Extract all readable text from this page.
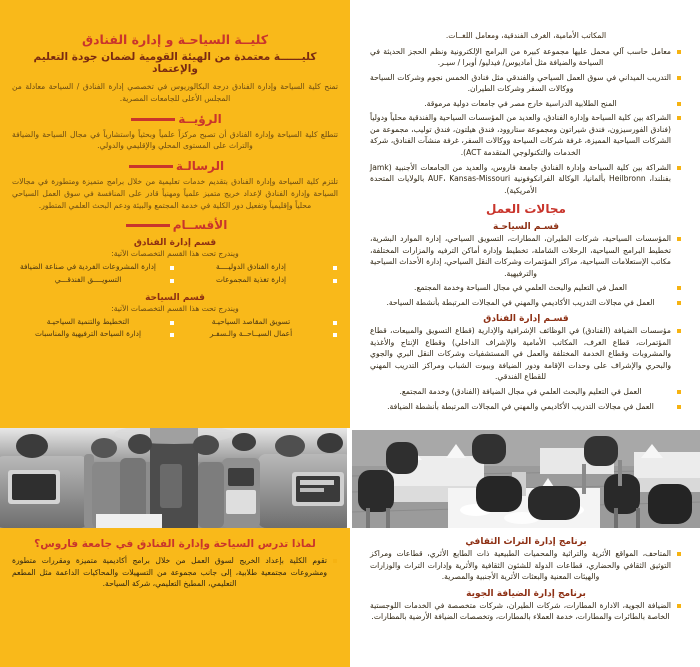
كليــة السياحـة و إدارة الفنادق
كليــــــة معتمدة من الهيئة القومية لضمان جودة التعليم والإعتماد

تمنح كلية السياحة وإدارة الفنادق درجة البكالوريوس في تخصصي إدارة الفنادق / السياحة معادلة من المجلس الأعلى للجامعات المصرية.

الرؤيــة

تتطلع كلية السياحة وإدارة الفنادق أن تصبح مركزاً علمياً وبحثياً واستشارياً في مجال السياحة والضيافة والتراث على المستوى المحلي والإقليمي والدولي.

الرسالـة

تلتزم كلية السياحة وإدارة الفنادق بتقديم خدمات تعليمية من خلال برامج متميزة ومتطورة في مجالات السياحة وإدارة الفنادق لإعداد خريج متميز علمياً ومهنياً قادر على المنافسة في سوق العمل السياحي محلياً وإقليمياً وتفعيل دور الكلية في خدمة المجتمع والبيئة ودعم البحث العلمي المتطور.

الأقســام
قسم إدارة الفنادق
ويندرج تحت هذا القسم التخصصات الآتية:
إدارة الفنادق الدوليــــة
إدارة المشروعات الفردية في صناعة الضيافة
إدارة تغذية المجموعات
التسويــــق الفندقـــي
قسم السياحة
ويندرج تحت هذا القسم التخصصات الآتية:
تسويق المقاصد السياحيـة
التخطيط والتنمية السياحيـة
أعمال السيــاحــة والـسفـر
إدارة السياحة الترفيهية والمناسبات

المكاتب الأمامية، الغرف الفندقية، ومعامل اللغــات.

معامل حاسب آلي محمل عليها مجموعة كبيرة من البرامج الإلكترونية ونظم الحجز الحديثة في السياحة والضيافة مثل أماديوس/ فيدليو/ أوبرا / سيـر.
التدريب الميداني في سوق العمل السياحي والفندقي مثل فنادق الخمس نجوم وشركات السياحة ووكالات السفر وشركات الطيران.
المنح الطلابية الدراسية خارج مصر في جامعات دولية مرموقة.
الشراكة بين كلية السياحة وإدارة الفنادق، والعديد من المؤسسات السياحية والفندقية محلياً ودولياً (فنادق الفورسيزون، فندق شيراتون ومجموعة ستاروود، فندق هيلتون، فندق توليب، مجموعة من الشركات السياحية المميزة، غرفة شركات السياحة ووكالات السفر، غرفة منشآت الفنادق، شركة الخدمات والتكنولوجي المتقدمة ACT).
الشراكة بين كلية السياحة وإدارة الفنادق جامعة فاروس، والعديد من الجامعات الأجنبية (Jamk بفنلندا، Heilbronn بألمانيا، الوكالة الفرانكوفونية AUF، Kansas-Missouri بالولايات المتحدة الأمريكية).
مجالات العمل
قسـم السياحـة
المؤسسات السياحية، شركات الطيران، المطارات، التسويق السياحي، إدارة الموارد البشرية، تخطيط البرامج السياحية، الرحلات الشاملة، تخطيط وإدارة أماكن الترفيه والمزارات المختلفة، مكاتب الإستعلامات السياحية، مراكز المؤتمرات وشركات النقل السياحي، إدارة الأحداث السياحية والترفيهية.
العمل في التعليم والبحث العلمي في مجال السياحة وخدمة المجتمع.
العمل في مجالات التدريب الأكاديمي والمهني في المجالات المرتبطة بأنشطة السياحة.
قسـم إدارة الفنادق
مؤسسات الضيافة (الفنادق) في الوظائف الإشرافية والإدارية (قطاع التسويق والمبيعات، قطاع المؤتمرات، قطاع الغرف، المكاتب الأمامية والإشراف الداخلي) وقطاع الإنتاج والأغذية والمشروبات وقطاع الخدمة المختلفة والعمل في المستشفيات وشركات النقل البري والجوي والبحري والإشراف على وحدات الإقامة ودور الضيافة وبيوت الشباب ومراكز التدريب المهني للقطاع الفندقي.
العمل في التعليم والبحث العلمي في مجال الضيافة (الفنادق) وخدمة المجتمع.
العمل في مجالات التدريب الأكاديمي والمهني في المجالات المرتبطة بأنشطة الضيافة.
برنامج إدارة التراث الثقافي
المتاحف، المواقع الأثرية والتراثية والمحميات الطبيعية ذات الطابع الأثري، قطاعات ومراكز التوثيق الثقافي والحضاري، قطاعات الدولة للشئون الثقافية والأثرية وإدارات التراث والوزارات والهيئات المعنية والبعثات الأثرية الأجنبية والمصرية.
برنامج إدارة الضيافة الجوية
الضيافة الجوية، الادارة المطارات، شركات الطيران، شركات متخصصة في الخدمات اللوجستية الخاصة بالطائرات والمطارات، خدمة العملاء بالمطارات، وتخصصات الضيافة الأرضية بالمطارات.
لماذا تدرس السياحة وإدارة الفنادق في جامعة فاروس؟
تقوم الكلية بإعداد الخريج لسوق العمل من خلال برامج أكاديمية متميزة ومقررات متطورة ومشروعات مجتمعية طلابية، إلى جانب مجموعة من التسهيلات والمحاكيات الداعمة مثل المطعم التعليمي، المطبخ التعليمي، شركة السياحة.
